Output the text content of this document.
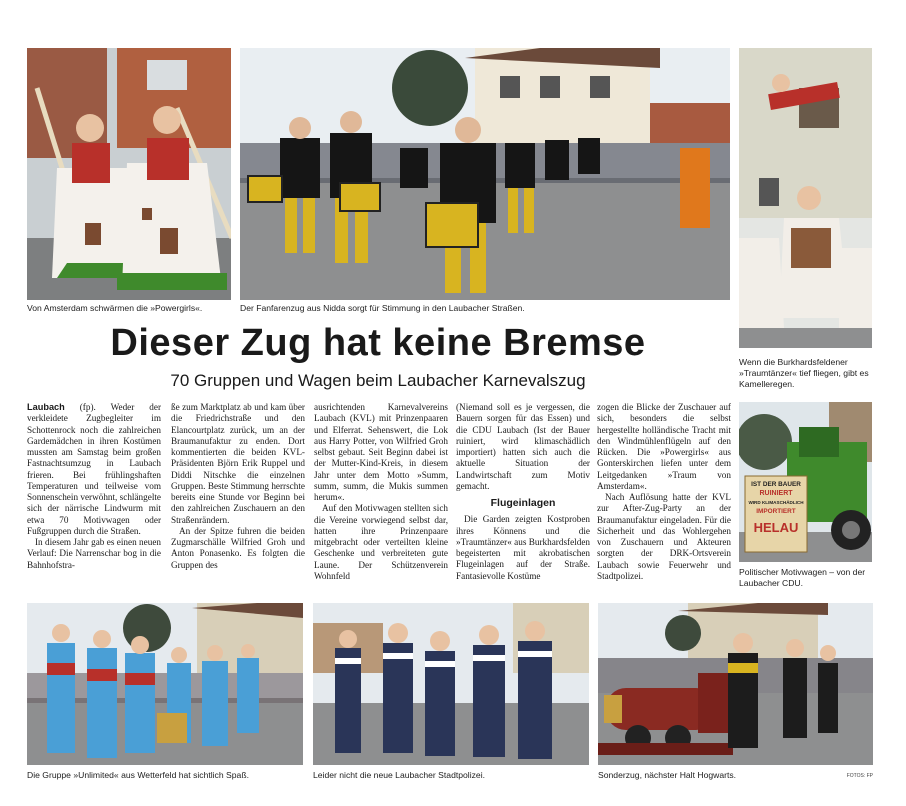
Von Amsterdam schwärmen die »Powergirls«.	Der Fanfarenzug aus Nidda sorgt für Stimmung in den Laubacher Straßen.
Wenn die Burkhardsfeldener »Traumtänzer« tief fliegen, gibt es Kamelleregen.
Dieser Zug hat keine Bremse
70 Gruppen und Wagen beim Laubacher Karnevalszug
IST DER BAUER
RUINIERT
WIRD KLIMASCHÄDLICH
IMPORTIERT
HELAU
Politischer Motivwagen – von der Laubacher CDU.

Laubach (fp). Weder der verkleidete Zugbegleiter im Schottenrock noch die zahlreichen Gardemädchen in ihren Kostümen mussten am Samstag beim großen Fastnachtsumzug in Laubach frieren. Bei frühlingshaften Temperaturen und teilweise vom Sonnenschein verwöhnt, schlängelte sich der närrische Lindwurm mit etwa 70 Motivwagen oder Fußgruppen durch die Straßen.

In diesem Jahr gab es einen neuen Verlauf: Die Narrenschar bog in die Bahnhofstra-

ße zum Marktplatz ab und kam über die Friedrichstraße und den Elancourtplatz zurück, um an der Braumanufaktur zu enden. Dort kommentierten die beiden KVL-Präsidenten Björn Erik Ruppel und Diddi Nitschke die einzelnen Gruppen. Beste Stimmung herrschte bereits eine Stunde vor Beginn bei den zahlreichen Zuschauern an den Straßenrändern.

An der Spitze fuhren die beiden Zugmarschälle Wilfried Groh und Anton Ponasenko. Es folgten die Gruppen des

ausrichtenden Karnevalvereins Laubach (KVL) mit Prinzenpaaren und Elferrat. Sehenswert, die Lok aus Harry Potter, von Wilfried Groh selbst gebaut. Seit Beginn dabei ist der Mutter-Kind-Kreis, in diesem Jahr unter dem Motto »Summ, summ, summ, die Mukis summen herum«.

Auf den Motivwagen stellten sich die Vereine vorwiegend selbst dar, hatten ihre Prinzenpaare mitgebracht oder verteilten kleine Geschenke und verbreiteten gute Laune. Der Schützenverein Wohnfeld

(Niemand soll es je vergessen, die Bauern sorgen für das Essen) und die CDU Laubach (Ist der Bauer ruiniert, wird klimaschädlich importiert) hatten sich auch die aktuelle Situation der Landwirtschaft zum Motiv gemacht.

Flugeinlagen

Die Garden zeigten Kostproben ihres Könnens und die »Traumtänzer« aus Burkhardsfelden begeisterten mit akrobatischen Flugeinlagen auf der Straße. Fantasievolle Kostüme

zogen die Blicke der Zuschauer auf sich, besonders die selbst hergestellte holländische Tracht mit den Windmühlenflügeln auf den Rücken. Die »Powergirls« aus Gonterskirchen liefen unter dem Leitgedanken »Traum von Amsterdam«.

Nach Auflösung hatte der KVL zur After-Zug-Party an der Braumanufaktur eingeladen. Für die Sicherheit und das Wohlergehen von Zuschauern und Akteuren sorgten der DRK-Ortsverein Laubach sowie Feuerwehr und Stadtpolizei.

Die Gruppe »Unlimited« aus Wetterfeld hat sichtlich Spaß.	Leider nicht die neue Laubacher Stadtpolizei.	Sonderzug, nächster Halt Hogwarts.	FOTOS: FP
